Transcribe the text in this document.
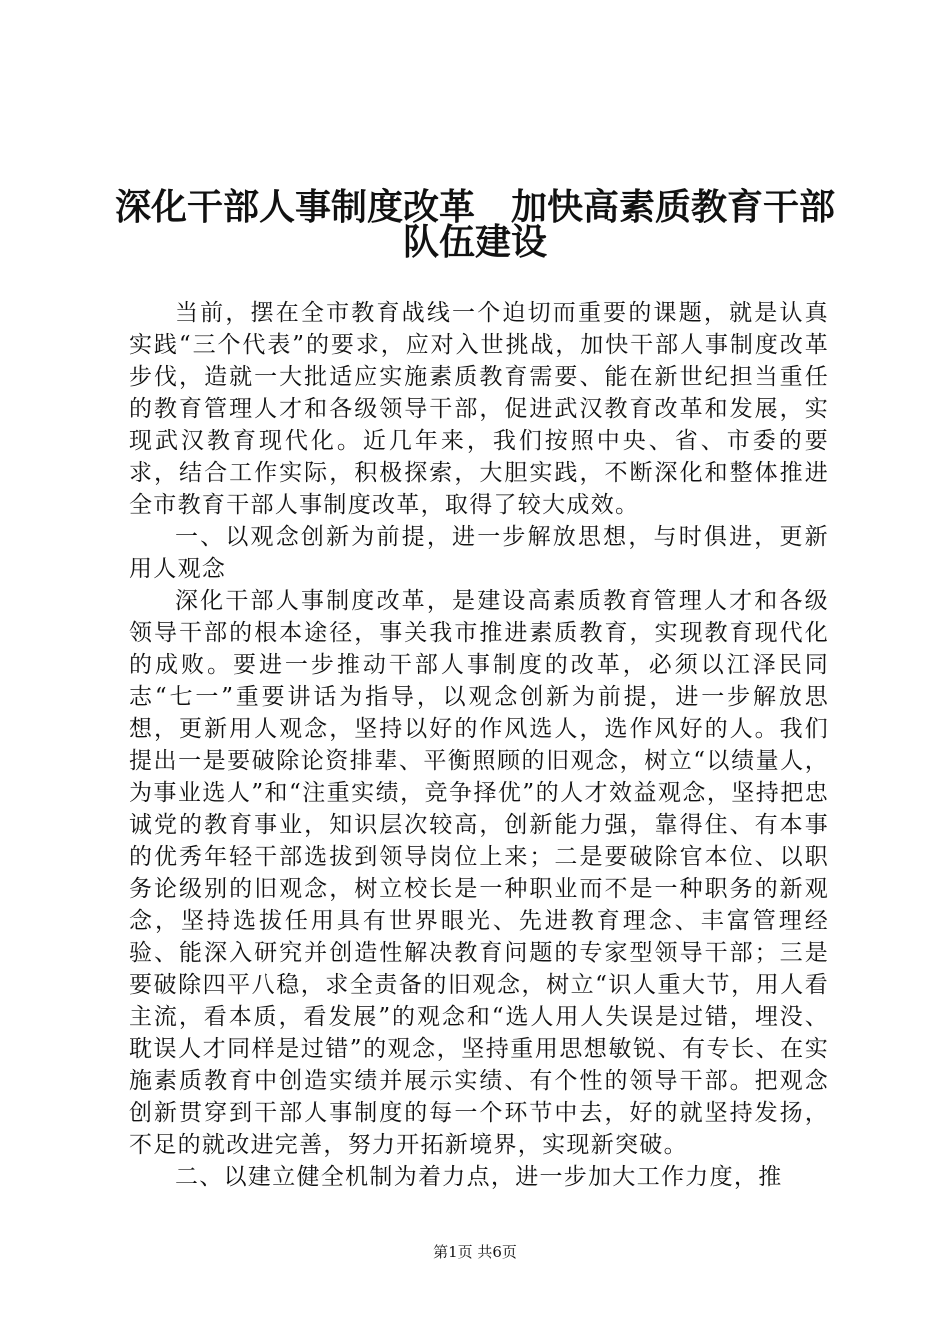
深化干部人事制度改革　加快高素质教育干部
队伍建设

当前，摆在全市教育战线一个迫切而重要的课题，就是认真实践“三个代表”的要求，应对入世挑战，加快干部人事制度改革步伐，造就一大批适应实施素质教育需要、能在新世纪担当重任的教育管理人才和各级领导干部，促进武汉教育改革和发展，实现武汉教育现代化。近几年来，我们按照中央、省、市委的要求，结合工作实际，积极探索，大胆实践，不断深化和整体推进全市教育干部人事制度改革，取得了较大成效。

一、以观念创新为前提，进一步解放思想，与时俱进，更新用人观念

深化干部人事制度改革，是建设高素质教育管理人才和各级领导干部的根本途径，事关我市推进素质教育，实现教育现代化的成败。要进一步推动干部人事制度的改革，必须以江泽民同志“七一”重要讲话为指导，以观念创新为前提，进一步解放思想，更新用人观念，坚持以好的作风选人，选作风好的人。我们提出一是要破除论资排辈、平衡照顾的旧观念，树立“以绩量人，为事业选人”和“注重实绩，竞争择优”的人才效益观念，坚持把忠诚党的教育事业，知识层次较高，创新能力强，靠得住、有本事的优秀年轻干部选拔到领导岗位上来；二是要破除官本位、以职务论级别的旧观念，树立校长是一种职业而不是一种职务的新观念，坚持选拔任用具有世界眼光、先进教育理念、丰富管理经验、能深入研究并创造性解决教育问题的专家型领导干部；三是要破除四平八稳，求全责备的旧观念，树立“识人重大节，用人看主流，看本质，看发展”的观念和“选人用人失误是过错，埋没、耽误人才同样是过错”的观念，坚持重用思想敏锐、有专长、在实施素质教育中创造实绩并展示实绩、有个性的领导干部。把观念创新贯穿到干部人事制度的每一个环节中去，好的就坚持发扬，不足的就改进完善，努力开拓新境界，实现新突破。

二、以建立健全机制为着力点，进一步加大工作力度，推

第1页 共6页
